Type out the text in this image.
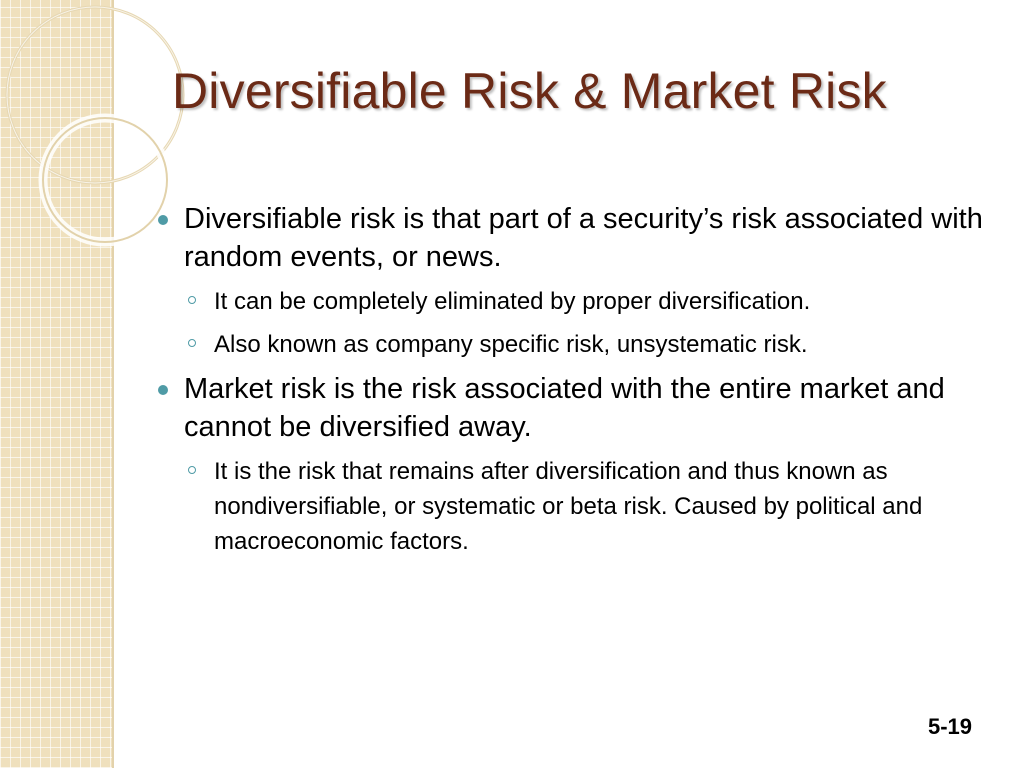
Diversifiable Risk & Market Risk
Diversifiable risk is that part of a security’s risk associated with random events, or news.
It can be completely eliminated by proper diversification.
Also known as company specific risk, unsystematic risk.
Market risk is the risk associated with the entire market and cannot be diversified away.
It is the risk that remains after diversification and thus known as nondiversifiable, or systematic or beta risk. Caused by political and macroeconomic factors.
5-19
